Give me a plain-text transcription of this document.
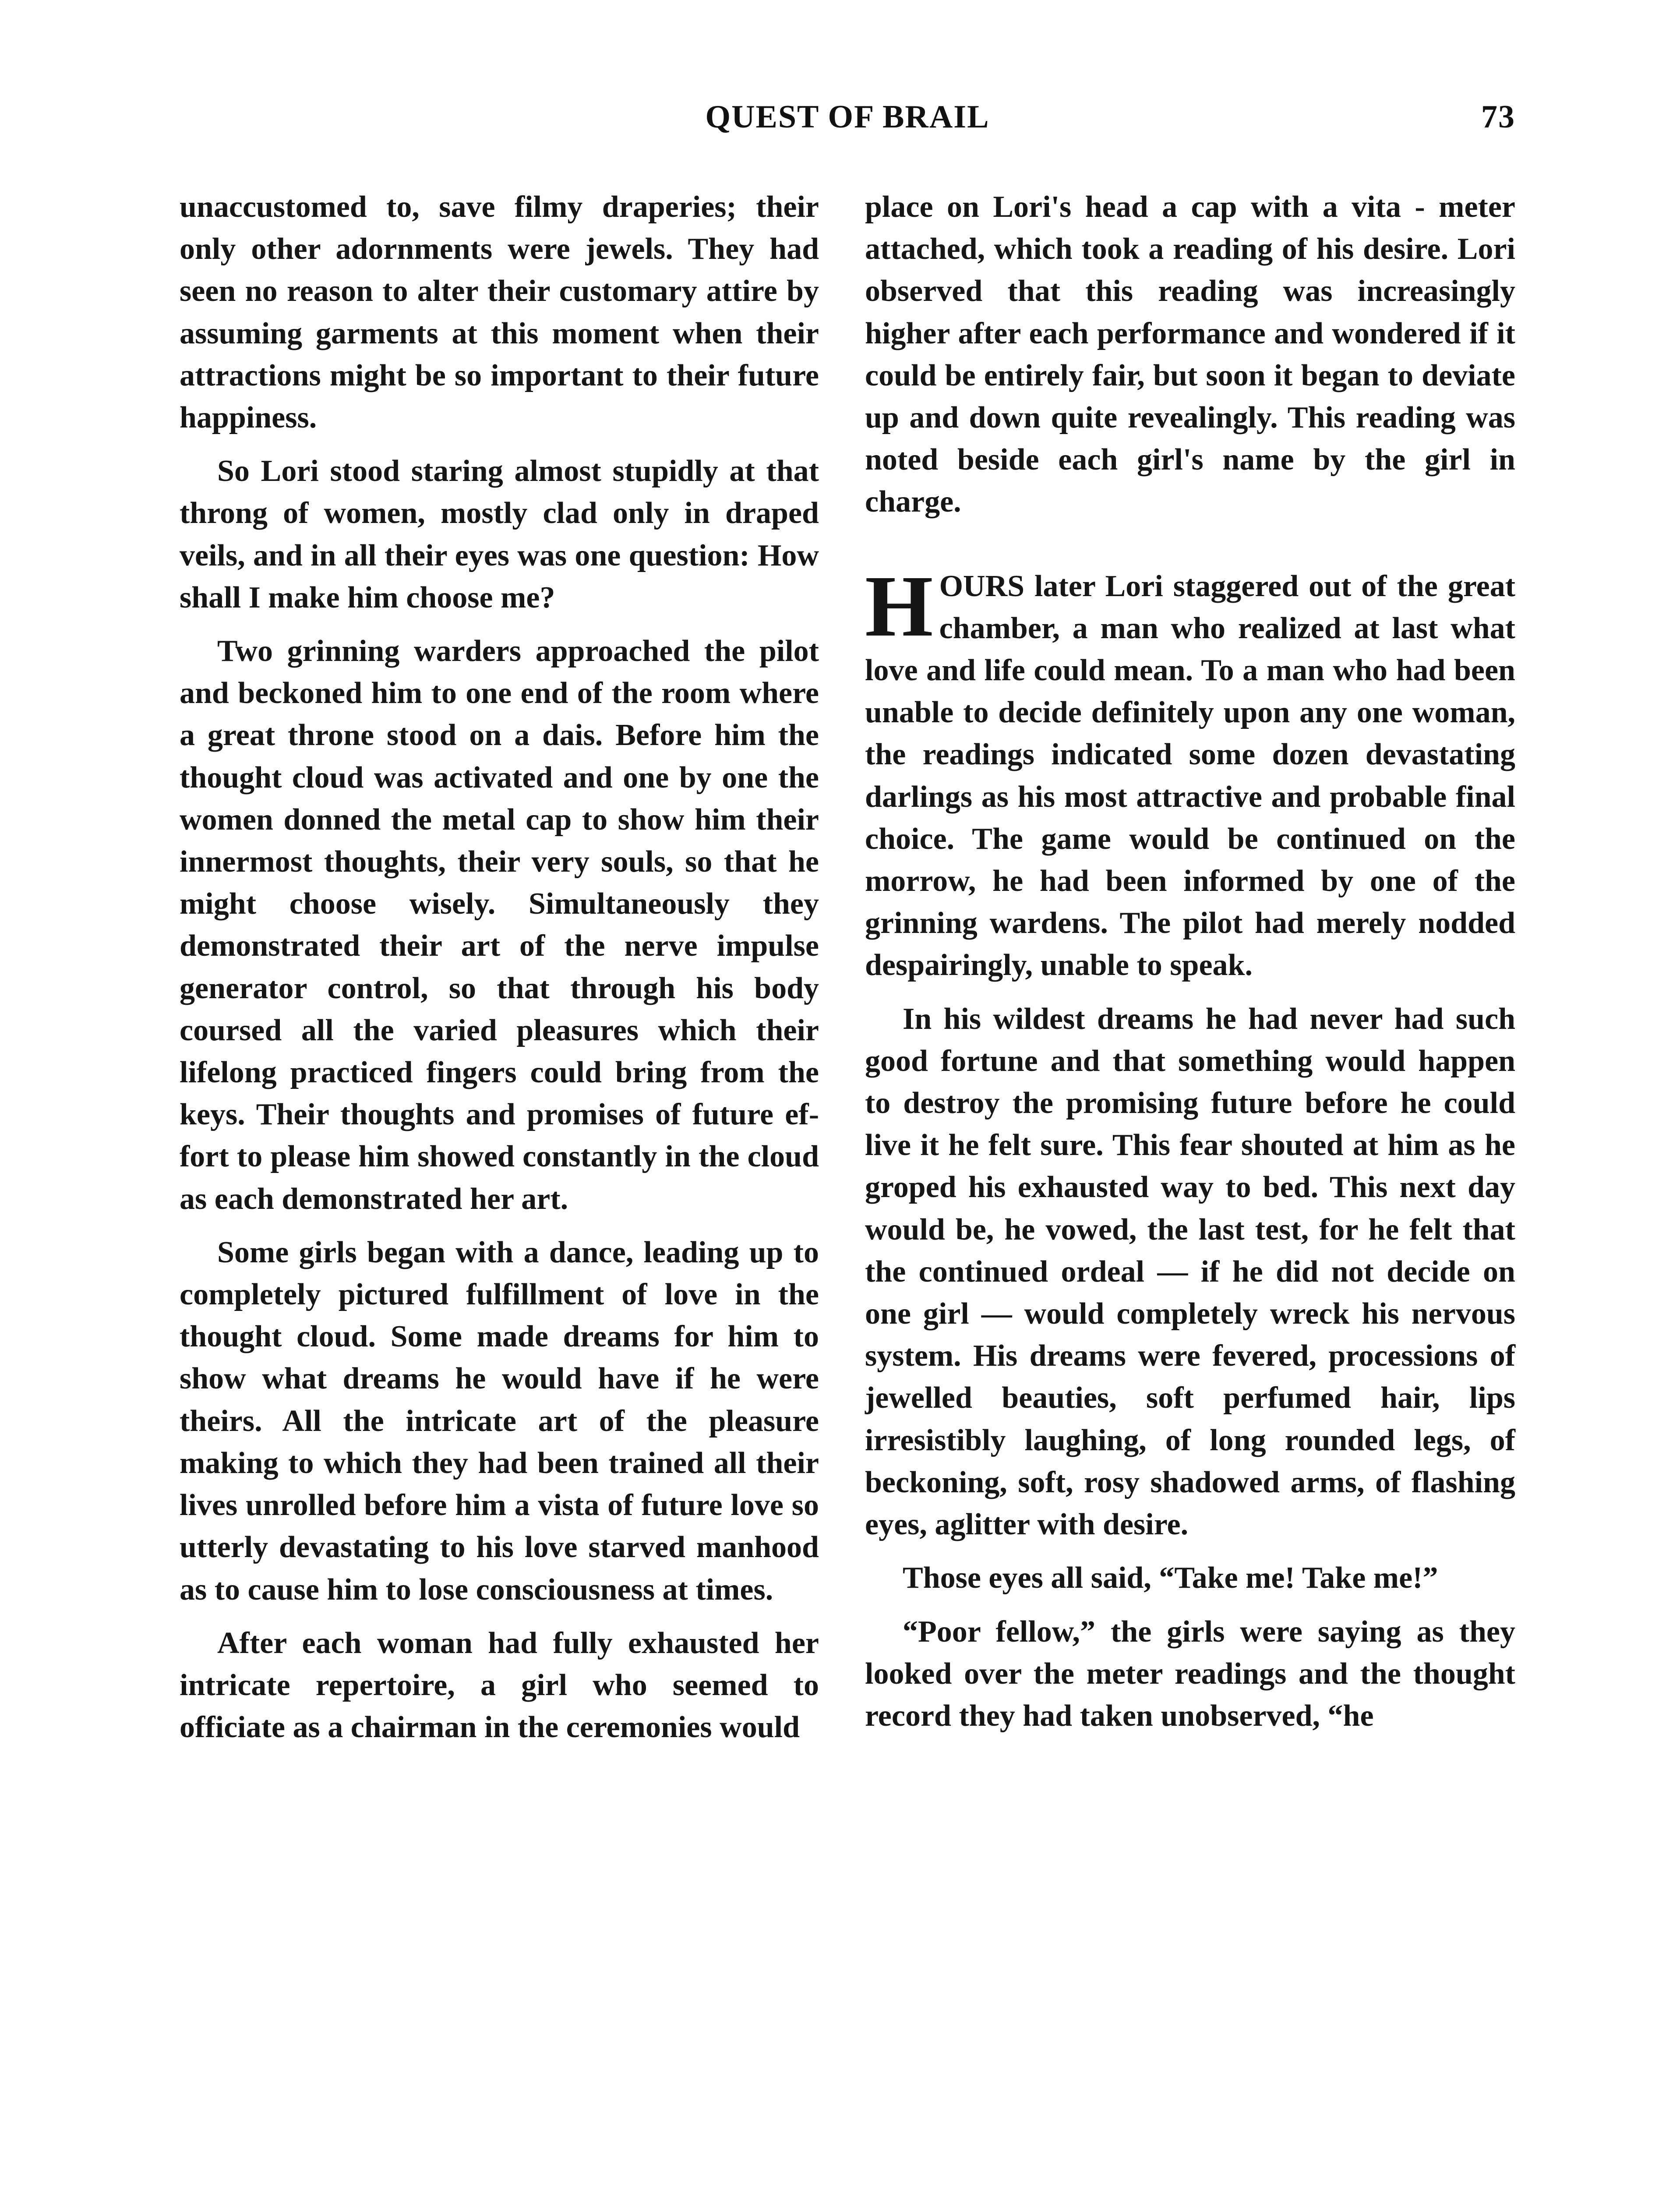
QUEST OF BRAIL	73

unaccustomed to, save filmy draperies; their only other adornments were jewels. They had seen no reason to alter their customary attire by assuming garments at this moment when their attractions might be so important to their future happiness.

So Lori stood staring almost stupidly at that throng of women, mostly clad only in draped veils, and in all their eyes was one question: How shall I make him choose me?

Two grinning warders approached the pilot and beckoned him to one end of the room where a great throne stood on a dais. Before him the thought cloud was activated and one by one the women donned the metal cap to show him their innermost thoughts, their very souls, so that he might choose wisely. Simultaneously they demonstrated their art of the nerve impulse generator control, so that through his body coursed all the varied pleasures which their lifelong practiced fingers could bring from the keys. Their thoughts and promises of future effort to please him showed constantly in the cloud as each demonstrated her art.

Some girls began with a dance, leading up to completely pictured fulfillment of love in the thought cloud. Some made dreams for him to show what dreams he would have if he were theirs. All the intricate art of the pleasure making to which they had been trained all their lives unrolled before him a vista of future love so utterly devastating to his love starved manhood as to cause him to lose consciousness at times.

After each woman had fully exhausted her intricate repertoire, a girl who seemed to officiate as a chairman in the ceremonies would

place on Lori's head a cap with a vita - meter attached, which took a reading of his desire. Lori observed that this reading was increasingly higher after each performance and wondered if it could be entirely fair, but soon it began to deviate up and down quite revealingly. This reading was noted beside each girl's name by the girl in charge.

HOURS later Lori staggered out of the great chamber, a man who realized at last what love and life could mean. To a man who had been unable to decide definitely upon any one woman, the readings indicated some dozen devastating darlings as his most attractive and probable final choice. The game would be continued on the morrow, he had been informed by one of the grinning wardens. The pilot had merely nodded despairingly, unable to speak.

In his wildest dreams he had never had such good fortune and that something would happen to destroy the promising future before he could live it he felt sure. This fear shouted at him as he groped his exhausted way to bed. This next day would be, he vowed, the last test, for he felt that the continued ordeal — if he did not decide on one girl — would completely wreck his nervous system. His dreams were fevered, processions of jewelled beauties, soft perfumed hair, lips irresistibly laughing, of long rounded legs, of beckoning, soft, rosy shadowed arms, of flashing eyes, aglitter with desire.

Those eyes all said, “Take me! Take me!”

“Poor fellow,” the girls were saying as they looked over the meter readings and the thought record they had taken unobserved, “he
